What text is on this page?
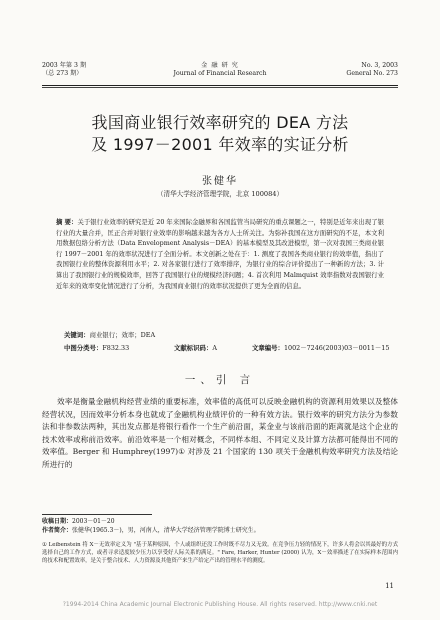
2003 年第 3 期
（总 273 期）
金 融 研 究
Journal of Financial Research
No. 3, 2003
General No. 273
我国商业银行效率研究的 DEA 方法
及 1997－2001 年效率的实证分析
张健华
（清华大学经济管理学院，北京 100084）
摘 要：关于银行业效率的研究是近 20 年来国际金融界和各国监管当局研究的重点课题之一，特别是近年来出现了银行业的大量合并，匡正合并对银行业效率的影响越来越为各方人士所关注。为弥补我国在这方面研究的不足，本文利用数据包络分析方法（Data Envelopment Analysis－DEA）的基本模型及其改进模型，第一次对我国三类商业银行 1997－2001 年的效率状况进行了全面分析。本文创新之处在于：1. 测度了我国各类商业银行的效率值，指出了我国银行业的整体资源利用水平；2. 对各家银行进行了效率排序，为银行业的综合评价提出了一种新的方法；3. 计算出了我国银行业的规模效率，回答了我国银行业的规模经济问题；4. 首次利用 Malmquist 效率指数对我国银行业近年来的效率变化情况进行了分析，为我国商业银行的效率状况提供了更为全面的信息。
关键词：商业银行；效率；DEA
中图分类号：F832.33	文献标识码：A	文章编号：1002－7246(2003)03－0011－15
一、引 言

效率是衡量金融机构经营业绩的重要标准，效率值的高低可以反映金融机构的资源利用效果以及整体经营状况，因而效率分析本身也就成了金融机构业绩评价的一种有效方法。银行效率的研究方法分为参数法和非参数法两种，其出发点都是将银行看作一个生产前沿面，某金业与该前沿面的距离就是这个企业的技术效率或称前沿效率。前沿效率是一个相对概念，不同样本组、不同定义及计算方法都可能得出不同的效率值。Berger 和 Humphrey(1997)① 对涉及 21 个国家的 130 项关于金融机构效率研究方法及结论所进行的

收稿日期：2003－01－20
作者简介：张健华(1965.3－)，男，河南人，清华大学经济管理学院博士研究生。
① Leibenstein 将 X－无效率定义为 "基于某种原因，个人或组织还没工作时既不尽力又无效。在竞争压力轻的情况下，许多人将会以其最好的方式选择自己的工作方式，或者寻求适度较少压力以享受好人际关系的满足。" Fare, Harker, Hunter (2000) 认为，X－效率描述了在实际样本范围内的技术和配置效率，是关于整合技术、人力资源及其他资产来生产给定产出的管理水平的测度。
11
?1994-2014 China Academic Journal Electronic Publishing House. All rights reserved. http://www.cnki.net
